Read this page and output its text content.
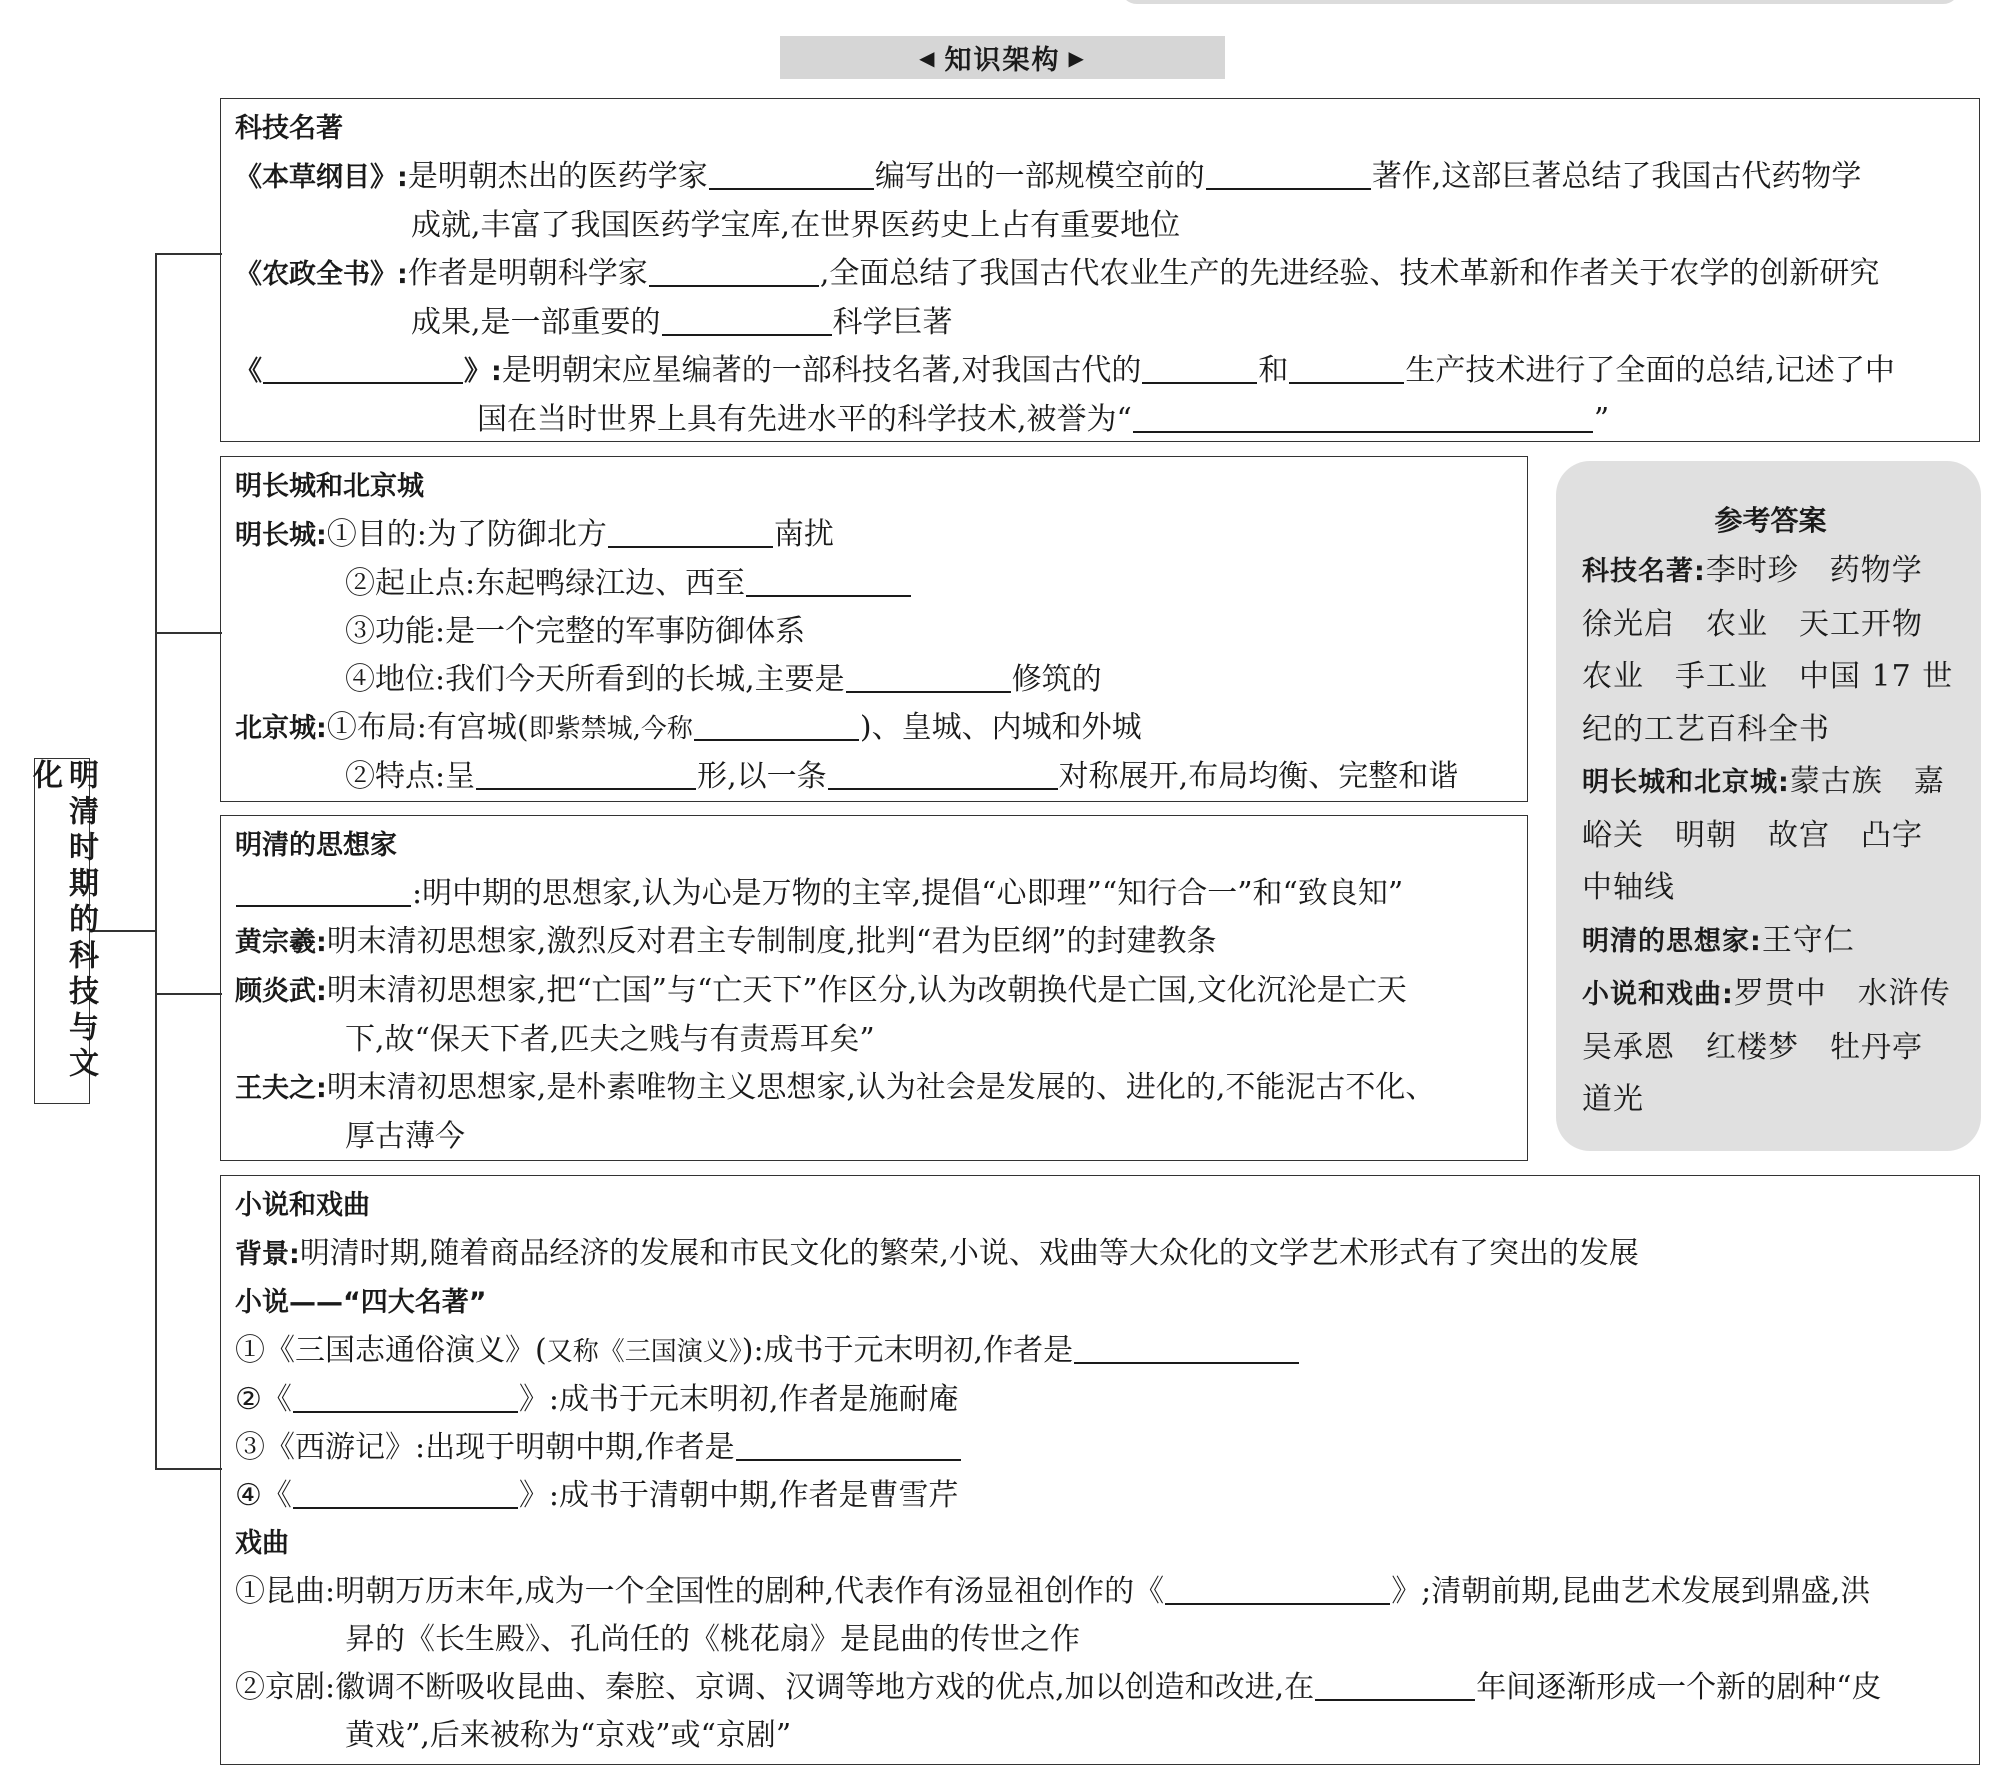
◀ 知识架构 ▶
明清时期的科技与文化
科技名著
《本草纲目》:是明朝杰出的医药学家	编写出的一部规模空前的	著作,这部巨著总结了我国古代药物学
成就,丰富了我国医药学宝库,在世界医药史上占有重要地位
《农政全书》:作者是明朝科学家	,全面总结了我国古代农业生产的先进经验、技术革新和作者关于农学的创新研究
成果,是一部重要的	科学巨著
《	》:是明朝宋应星编著的一部科技名著,对我国古代的	和	生产技术进行了全面的总结,记述了中
国在当时世界上具有先进水平的科学技术,被誉为“	”
明长城和北京城
明长城:①目的:为了防御北方	南扰
②起止点:东起鸭绿江边、西至
③功能:是一个完整的军事防御体系
④地位:我们今天所看到的长城,主要是	修筑的
北京城:①布局:有宫城(即紫禁城,今称	)、皇城、内城和外城
②特点:呈	形,以一条	对称展开,布局均衡、完整和谐
明清的思想家
:明中期的思想家,认为心是万物的主宰,提倡“心即理”“知行合一”和“致良知”
黄宗羲:明末清初思想家,激烈反对君主专制制度,批判“君为臣纲”的封建教条
顾炎武:明末清初思想家,把“亡国”与“亡天下”作区分,认为改朝换代是亡国,文化沉沦是亡天
下,故“保天下者,匹夫之贱与有责焉耳矣”
王夫之:明末清初思想家,是朴素唯物主义思想家,认为社会是发展的、进化的,不能泥古不化、
厚古薄今
参考答案
科技名著:李时珍　药物学　徐光启　农业　天工开物　农业　手工业　中国 17 世纪的工艺百科全书
明长城和北京城:蒙古族　嘉峪关　明朝　故宫　凸字　中轴线
明清的思想家:王守仁
小说和戏曲:罗贯中　水浒传　吴承恩　红楼梦　牡丹亭　道光
小说和戏曲
背景:明清时期,随着商品经济的发展和市民文化的繁荣,小说、戏曲等大众化的文学艺术形式有了突出的发展
小说——“四大名著”
①《三国志通俗演义》(又称《三国演义》):成书于元末明初,作者是
②《	》:成书于元末明初,作者是施耐庵
③《西游记》:出现于明朝中期,作者是
④《	》:成书于清朝中期,作者是曹雪芹
戏曲
①昆曲:明朝万历末年,成为一个全国性的剧种,代表作有汤显祖创作的《	》;清朝前期,昆曲艺术发展到鼎盛,洪
昇的《长生殿》、孔尚任的《桃花扇》是昆曲的传世之作
②京剧:徽调不断吸收昆曲、秦腔、京调、汉调等地方戏的优点,加以创造和改进,在	年间逐渐形成一个新的剧种“皮
黄戏”,后来被称为“京戏”或“京剧”
